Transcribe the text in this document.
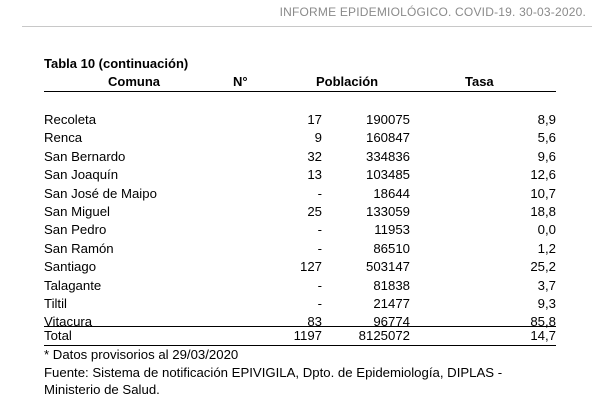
INFORME EPIDEMIOLÓGICO. COVID-19. 30-03-2020.
Tabla 10 (continuación)
Comuna	N°	Población	Tasa
Recoleta	17	190075	8,9
Renca	9	160847	5,6
San Bernardo	32	334836	9,6
San Joaquín	13	103485	12,6
San José de Maipo	-	18644	10,7
San Miguel	25	133059	18,8
San Pedro	-	11953	0,0
San Ramón	-	86510	1,2
Santiago	127	503147	25,2
Talagante	-	81838	3,7
Tiltil	-	21477	9,3
Vitacura	83	96774	85,8
Total	1197	8125072	14,7
* Datos provisorios al 29/03/2020
Fuente: Sistema de notificación EPIVIGILA, Dpto. de Epidemiología, DIPLAS -
Ministerio de Salud.
